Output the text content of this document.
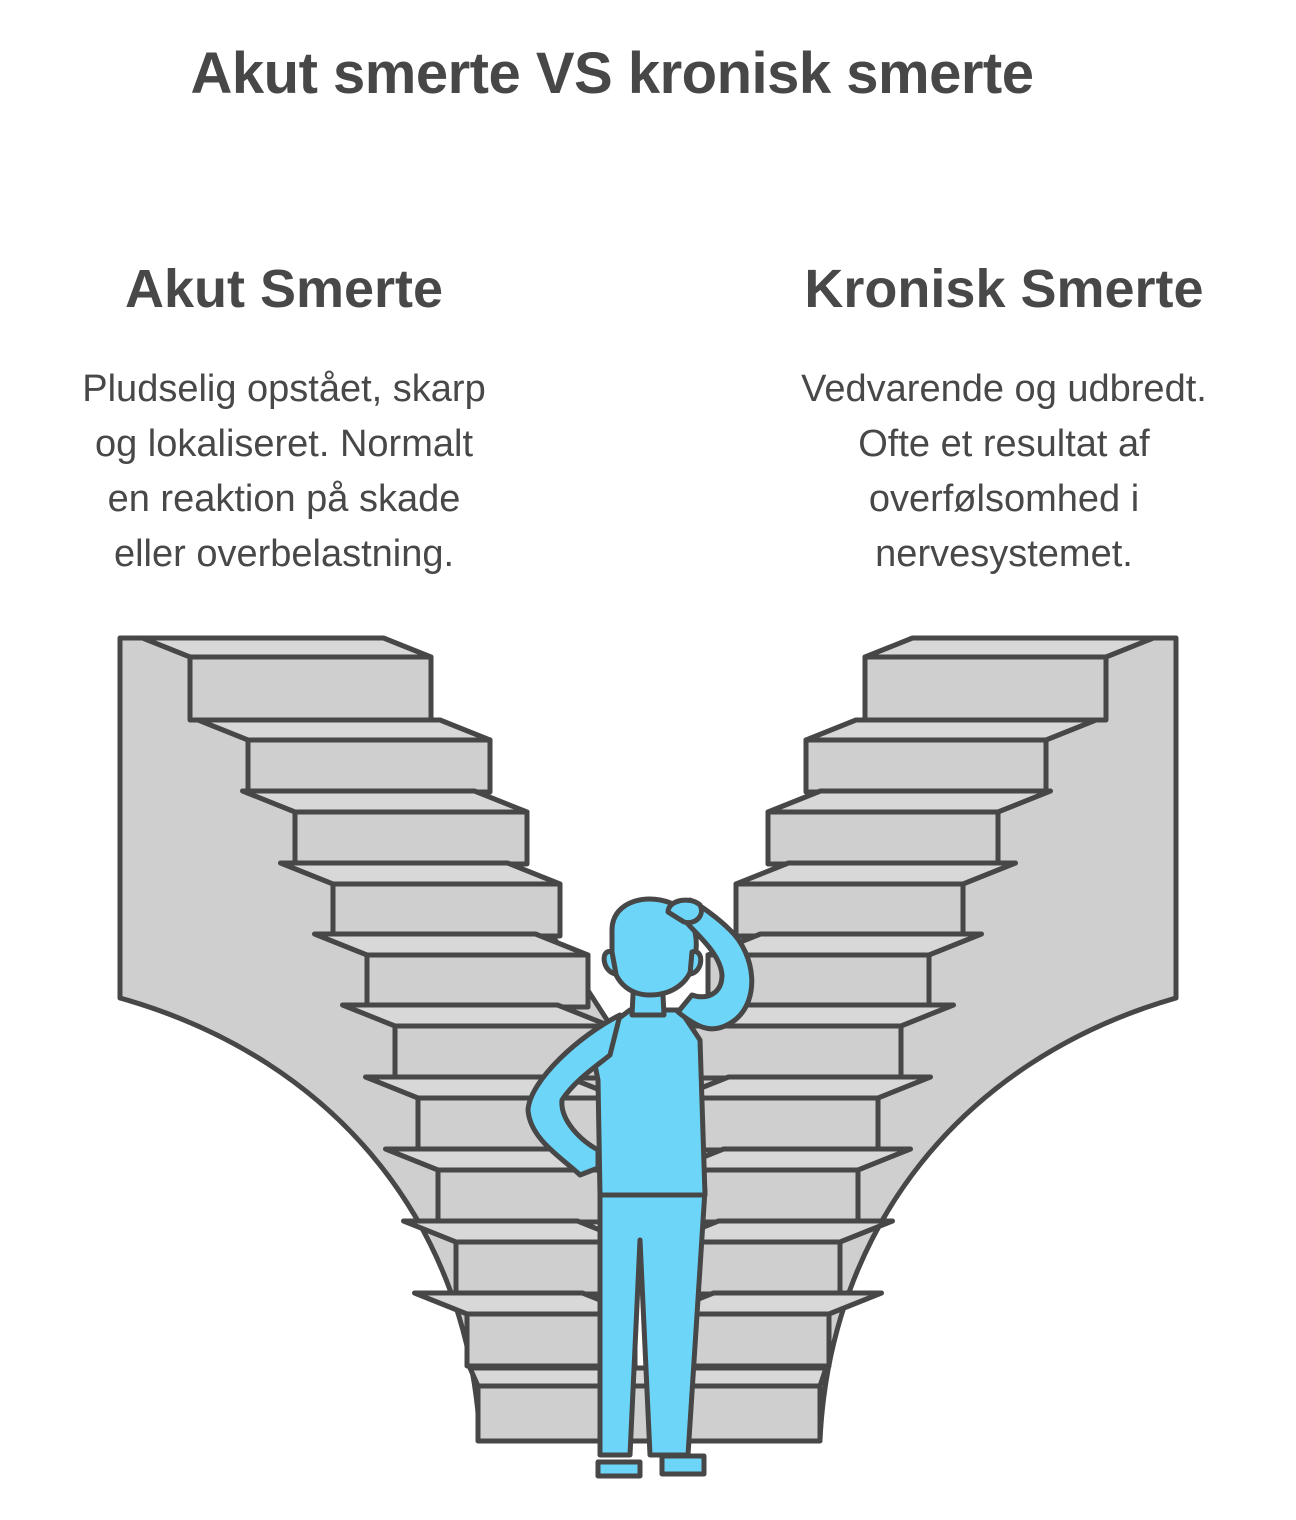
Akut smerte VS kronisk smerte
Akut Smerte
Pludselig opstået, skarp
og lokaliseret. Normalt
en reaktion på skade
eller overbelastning.
Kronisk Smerte
Vedvarende og udbredt.
Ofte et resultat af
overfølsomhed i
nervesystemet.
